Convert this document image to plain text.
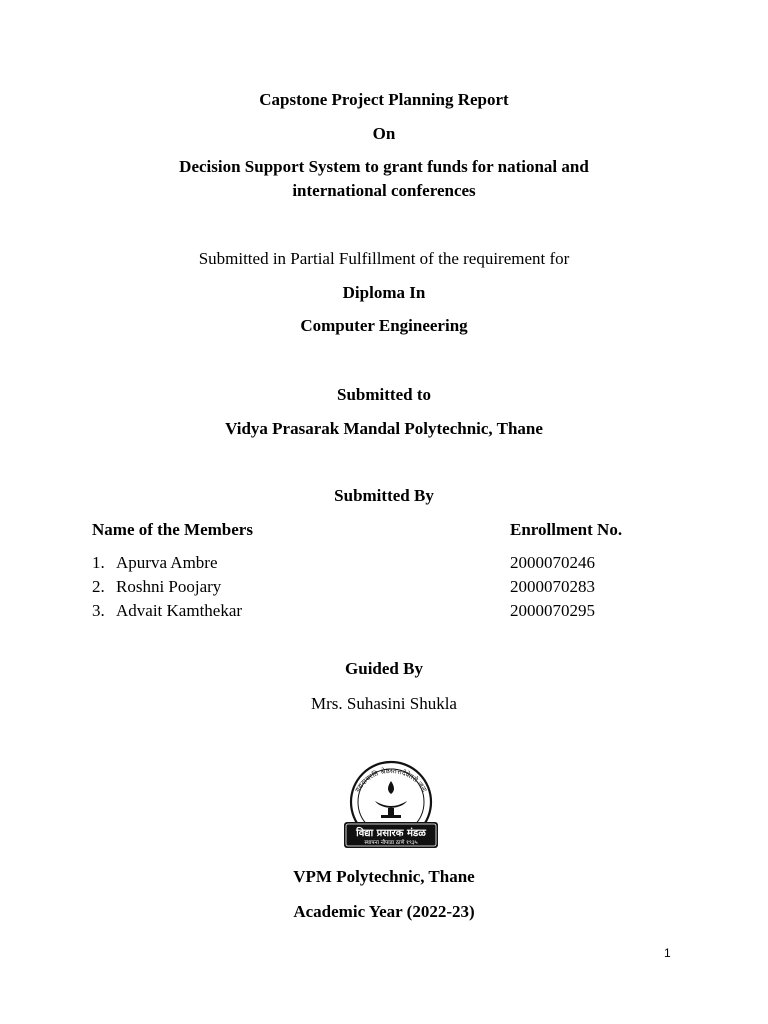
Capstone Project Planning Report
On
Decision Support System to grant funds for national and
international conferences
Submitted in Partial Fulfillment of the requirement for
Diploma In
Computer Engineering
Submitted to
Vidya Prasarak Mandal Polytechnic, Thane
Submitted By
Name of the Members	Enrollment No.
1. Apurva Ambre	2000070246
2. Roshni Poojary	2000070283
3. Advait Kamthekar	2000070295
Guided By
Mrs. Suhasini Shukla
यद्यदाचरति श्रेष्ठस्तत्तदेवेतरो जनः
विद्या प्रसारक मंडळ
स्थापना नौपाडा ठाणे १९३५
VPM Polytechnic, Thane
Academic Year (2022-23)
1
